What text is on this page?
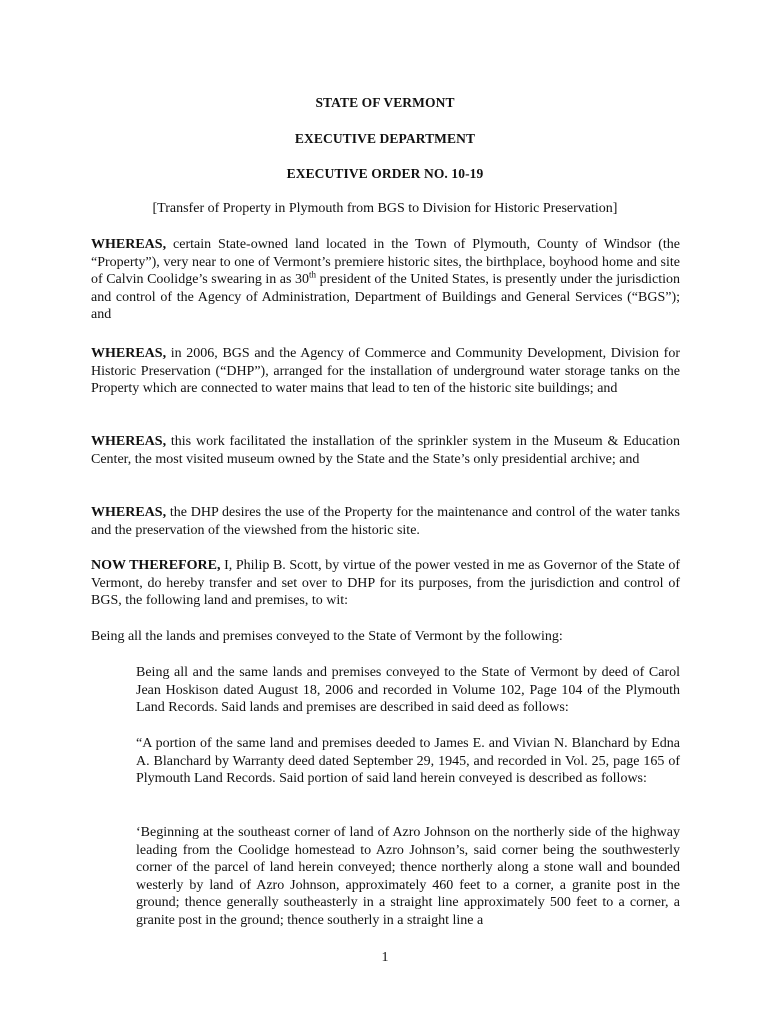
STATE OF VERMONT
EXECUTIVE DEPARTMENT
EXECUTIVE ORDER NO. 10-19
[Transfer of Property in Plymouth from BGS to Division for Historic Preservation]

WHEREAS, certain State-owned land located in the Town of Plymouth, County of Windsor (the “Property”), very near to one of Vermont’s premiere historic sites, the birthplace, boyhood home and site of Calvin Coolidge’s swearing in as 30th president of the United States, is presently under the jurisdiction and control of the Agency of Administration, Department of Buildings and General Services (“BGS”); and

WHEREAS, in 2006, BGS and the Agency of Commerce and Community Development, Division for Historic Preservation (“DHP”), arranged for the installation of underground water storage tanks on the Property which are connected to water mains that lead to ten of the historic site buildings; and

WHEREAS, this work facilitated the installation of the sprinkler system in the Museum & Education Center, the most visited museum owned by the State and the State’s only presidential archive; and

WHEREAS, the DHP desires the use of the Property for the maintenance and control of the water tanks and the preservation of the viewshed from the historic site.

NOW THEREFORE, I, Philip B. Scott, by virtue of the power vested in me as Governor of the State of Vermont, do hereby transfer and set over to DHP for its purposes, from the jurisdiction and control of BGS, the following land and premises, to wit:

Being all the lands and premises conveyed to the State of Vermont by the following:

Being all and the same lands and premises conveyed to the State of Vermont by deed of Carol Jean Hoskison dated August 18, 2006 and recorded in Volume 102, Page 104 of the Plymouth Land Records. Said lands and premises are described in said deed as follows:

“A portion of the same land and premises deeded to James E. and Vivian N. Blanchard by Edna A. Blanchard by Warranty deed dated September 29, 1945, and recorded in Vol. 25, page 165 of Plymouth Land Records. Said portion of said land herein conveyed is described as follows:

‘Beginning at the southeast corner of land of Azro Johnson on the northerly side of the highway leading from the Coolidge homestead to Azro Johnson’s, said corner being the southwesterly corner of the parcel of land herein conveyed; thence northerly along a stone wall and bounded westerly by land of Azro Johnson, approximately 460 feet to a corner, a granite post in the ground; thence generally southeasterly in a straight line approximately 500 feet to a corner, a granite post in the ground; thence southerly in a straight line a

1
